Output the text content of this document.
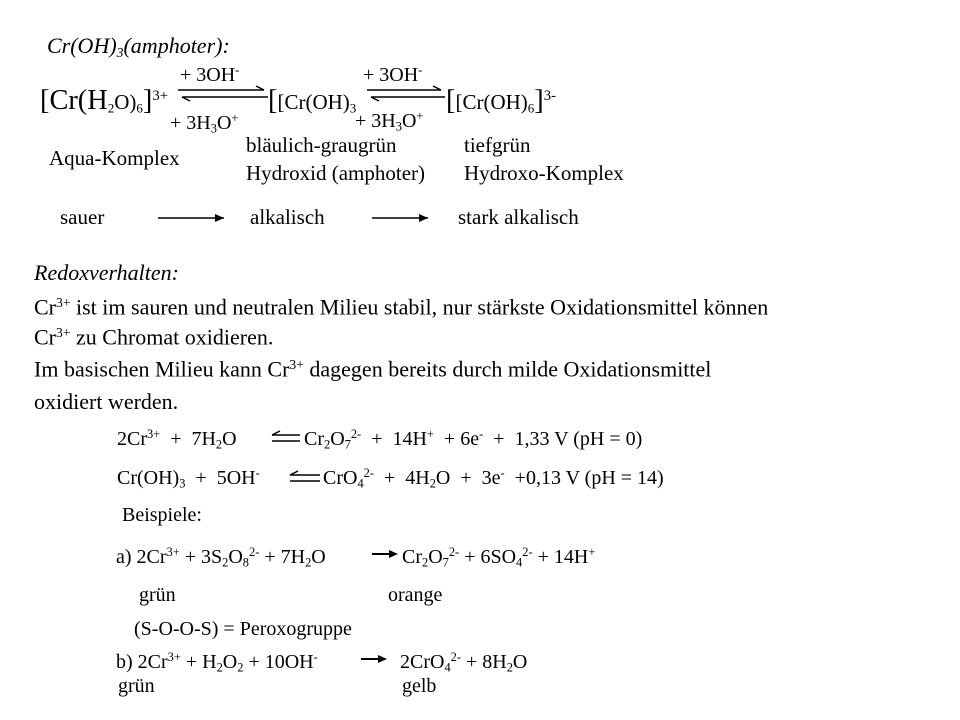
$Cr(OH)_3(amphoter)$:
$[Cr(H_2O)_6]^{3+}$
+ 3OH-
+ $3H_3O^+$
[[$Cr(OH)_3$
+ 3OH-
+ $3H_3O^+$ [$[Cr(OH)_6]^{3-}$
Aqua-Komplex
bläulich-graugrün
Hydroxid (amphoter)
tiefgrün
Hydroxo-Komplex
sauer	alkalisch	stark alkalisch
Redoxverhalten:
$Cr^{3+}$ ist im sauren und neutralen Milieu stabil, nur stärkste Oxidationsmittel können
$Cr^{3+}$ zu Chromat oxidieren.
Im basischen Milieu kann $Cr^{3+}$ dagegen bereits durch milde Oxidationsmittel
oxidiert werden.
$2Cr^{3+} + 7H_2O$	$Cr_2O_7^{2-} + 14H^+ + 6e^- + 1,33$ V (pH = 0)
$Cr(OH)_3 + 5OH^-$	$CrO_4^{2-} + 4H_2O + 3e^- +0,13$ V (pH = 14)
Beispiele:
a) $2Cr^{3+} + 3S_2O_8^{2-} + 7H_2O$	$Cr_2O_7^{2-} + 6SO_4^{2-} + 14H^+$
grün	orange
(S-O-O-S) = Peroxogruppe
b) $2Cr^{3+} + H_2O_2 + 10OH^-$	$2CrO_4^{2-} + 8H_2O$
grün	gelb
